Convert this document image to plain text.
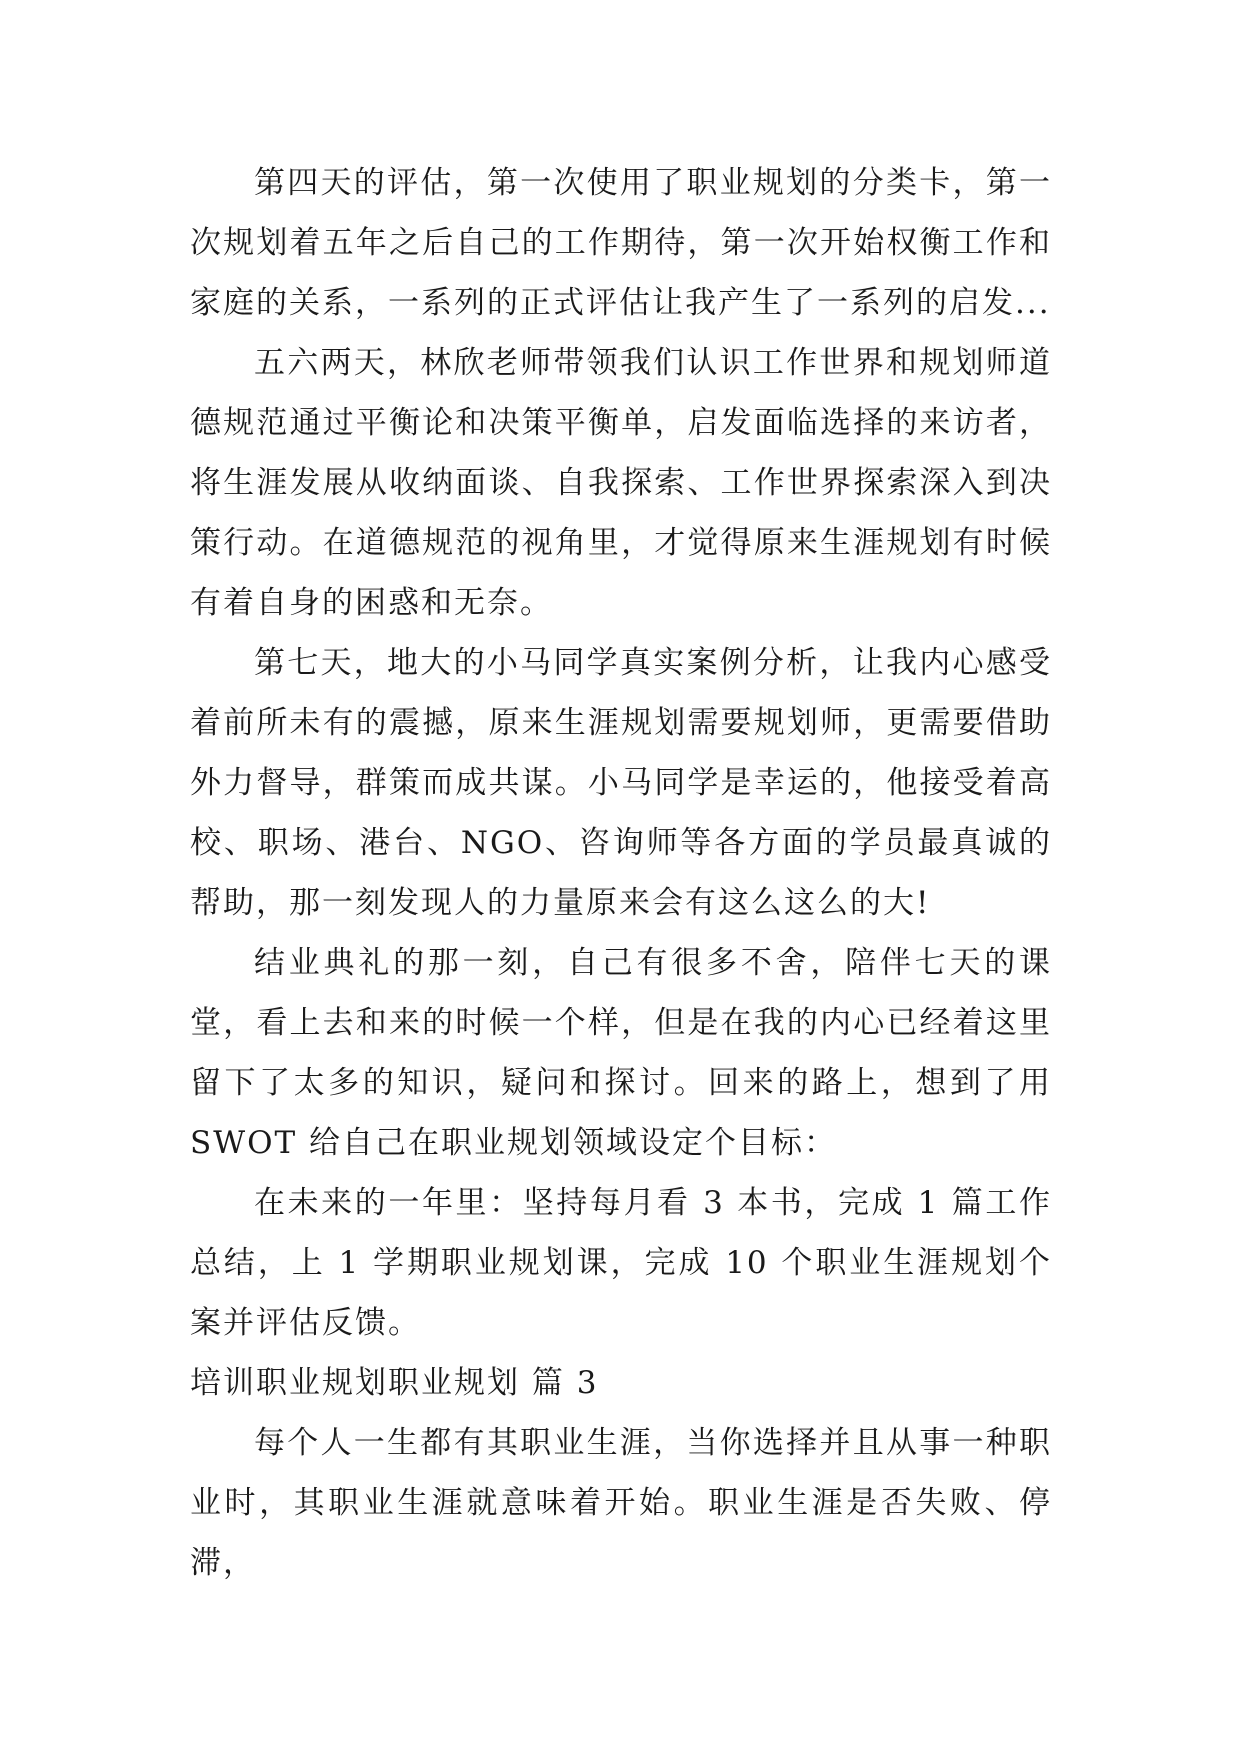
第四天的评估，第一次使用了职业规划的分类卡，第一次规划着五年之后自己的工作期待，第一次开始权衡工作和家庭的关系，一系列的正式评估让我产生了一系列的启发...

五六两天，林欣老师带领我们认识工作世界和规划师道德规范通过平衡论和决策平衡单，启发面临选择的来访者，将生涯发展从收纳面谈、自我探索、工作世界探索深入到决策行动。在道德规范的视角里，才觉得原来生涯规划有时候有着自身的困惑和无奈。

第七天，地大的小马同学真实案例分析，让我内心感受着前所未有的震撼，原来生涯规划需要规划师，更需要借助外力督导，群策而成共谋。小马同学是幸运的，他接受着高校、职场、港台、NGO、咨询师等各方面的学员最真诚的帮助，那一刻发现人的力量原来会有这么这么的大!

结业典礼的那一刻，自己有很多不舍，陪伴七天的课堂，看上去和来的时候一个样，但是在我的内心已经着这里留下了太多的知识，疑问和探讨。回来的路上，想到了用 SWOT 给自己在职业规划领域设定个目标：

在未来的一年里：坚持每月看 3 本书，完成 1 篇工作总结，上 1 学期职业规划课，完成 10 个职业生涯规划个案并评估反馈。

培训职业规划职业规划 篇 3

每个人一生都有其职业生涯，当你选择并且从事一种职业时，其职业生涯就意味着开始。职业生涯是否失败、停滞，
